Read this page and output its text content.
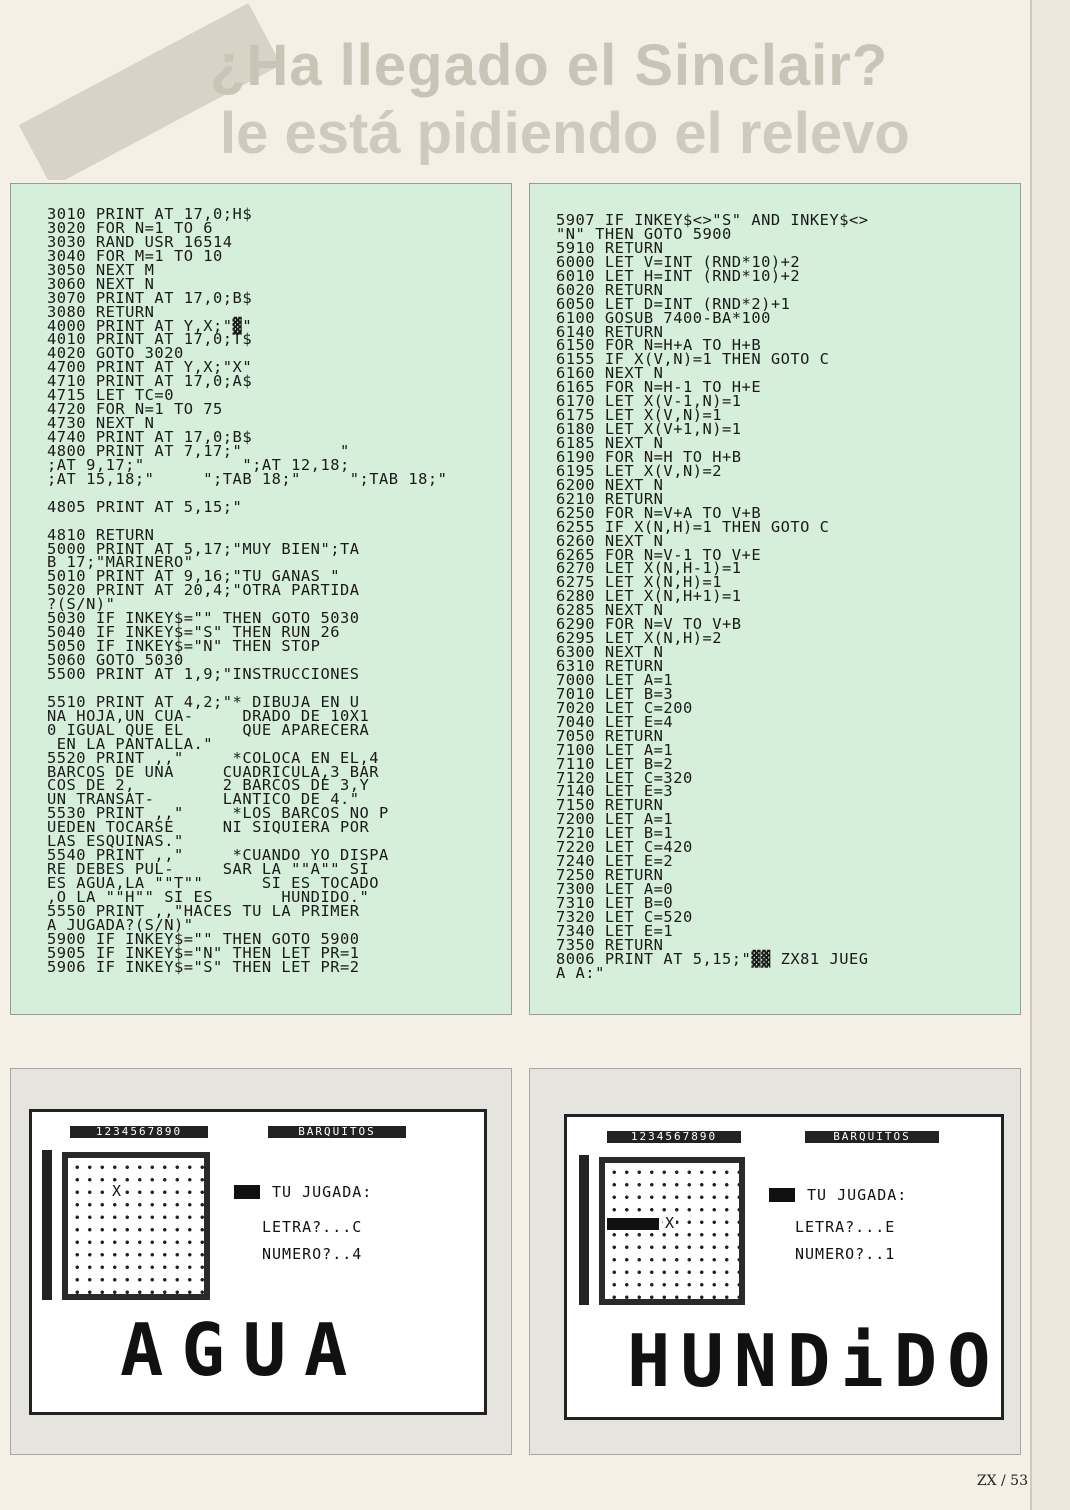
¿Ha llegado el Sinclair?
le está pidiendo el relevo
3010 PRINT AT 17,0;H$
3020 FOR N=1 TO 6
3030 RAND USR 16514
3040 FOR M=1 TO 10
3050 NEXT M
3060 NEXT N
3070 PRINT AT 17,0;B$
3080 RETURN
4000 PRINT AT Y,X;"▓"
4010 PRINT AT 17,0;T$
4020 GOTO 3020
4700 PRINT AT Y,X;"X"
4710 PRINT AT 17,0;A$
4715 LET TC=0
4720 FOR N=1 TO 75
4730 NEXT N
4740 PRINT AT 17,0;B$
4800 PRINT AT 7,17;"          "
;AT 9,17;"          ";AT 12,18;
;AT 15,18;"     ";TAB 18;"     ";TAB 18;"

4805 PRINT AT 5,15;"

4810 RETURN
5000 PRINT AT 5,17;"MUY BIEN";TA
B 17;"MARINERO"
5010 PRINT AT 9,16;"TU GANAS "
5020 PRINT AT 20,4;"OTRA PARTIDA
?(S/N)"
5030 IF INKEY$="" THEN GOTO 5030
5040 IF INKEY$="S" THEN RUN 26
5050 IF INKEY$="N" THEN STOP
5060 GOTO 5030
5500 PRINT AT 1,9;"INSTRUCCIONES

5510 PRINT AT 4,2;"* DIBUJA EN U
NA HOJA,UN CUA-     DRADO DE 10X1
0 IGUAL QUE EL      QUE APARECERA
EN LA PANTALLA."
5520 PRINT ,,"     *COLOCA EN EL,4
BARCOS DE UNA     CUADRICULA,3 BAR
COS DE 2,         2 BARCOS DE 3,Y
UN TRANSAT-       LANTICO DE 4."
5530 PRINT ,,"     *LOS BARCOS NO P
UEDEN TOCARSE     NI SIQUIERA POR
LAS ESQUINAS."
5540 PRINT ,,"     *CUANDO YO DISPA
RE DEBES PUL-     SAR LA ""A"" SI
ES AGUA,LA ""T""      SI ES TOCADO
,O LA ""H"" SI ES       HUNDIDO."
5550 PRINT ,,"HACES TU LA PRIMER
A JUGADA?(S/N)"
5900 IF INKEY$="" THEN GOTO 5900
5905 IF INKEY$="N" THEN LET PR=1
5906 IF INKEY$="S" THEN LET PR=2
5907 IF INKEY$<>"S" AND INKEY$<>
"N" THEN GOTO 5900
5910 RETURN
6000 LET V=INT (RND*10)+2
6010 LET H=INT (RND*10)+2
6020 RETURN
6050 LET D=INT (RND*2)+1
6100 GOSUB 7400-BA*100
6140 RETURN
6150 FOR N=H+A TO H+B
6155 IF X(V,N)=1 THEN GOTO C
6160 NEXT N
6165 FOR N=H-1 TO H+E
6170 LET X(V-1,N)=1
6175 LET X(V,N)=1
6180 LET X(V+1,N)=1
6185 NEXT N
6190 FOR N=H TO H+B
6195 LET X(V,N)=2
6200 NEXT N
6210 RETURN
6250 FOR N=V+A TO V+B
6255 IF X(N,H)=1 THEN GOTO C
6260 NEXT N
6265 FOR N=V-1 TO V+E
6270 LET X(N,H-1)=1
6275 LET X(N,H)=1
6280 LET X(N,H+1)=1
6285 NEXT N
6290 FOR N=V TO V+B
6295 LET X(N,H)=2
6300 NEXT N
6310 RETURN
7000 LET A=1
7010 LET B=3
7020 LET C=200
7040 LET E=4
7050 RETURN
7100 LET A=1
7110 LET B=2
7120 LET C=320
7140 LET E=3
7150 RETURN
7200 LET A=1
7210 LET B=1
7220 LET C=420
7240 LET E=2
7250 RETURN
7300 LET A=0
7310 LET B=0
7320 LET C=520
7340 LET E=1
7350 RETURN
8006 PRINT AT 5,15;"▓▓ ZX81 JUEG
A A:"
1234567890	BARQUITOS
X	TU JUGADA:
LETRA?...C
NUMERO?..4
AGUA
1234567890	BARQUITOS
X
TU JUGADA:
LETRA?...E
NUMERO?..1
HUNDiDO
ZX / 53
